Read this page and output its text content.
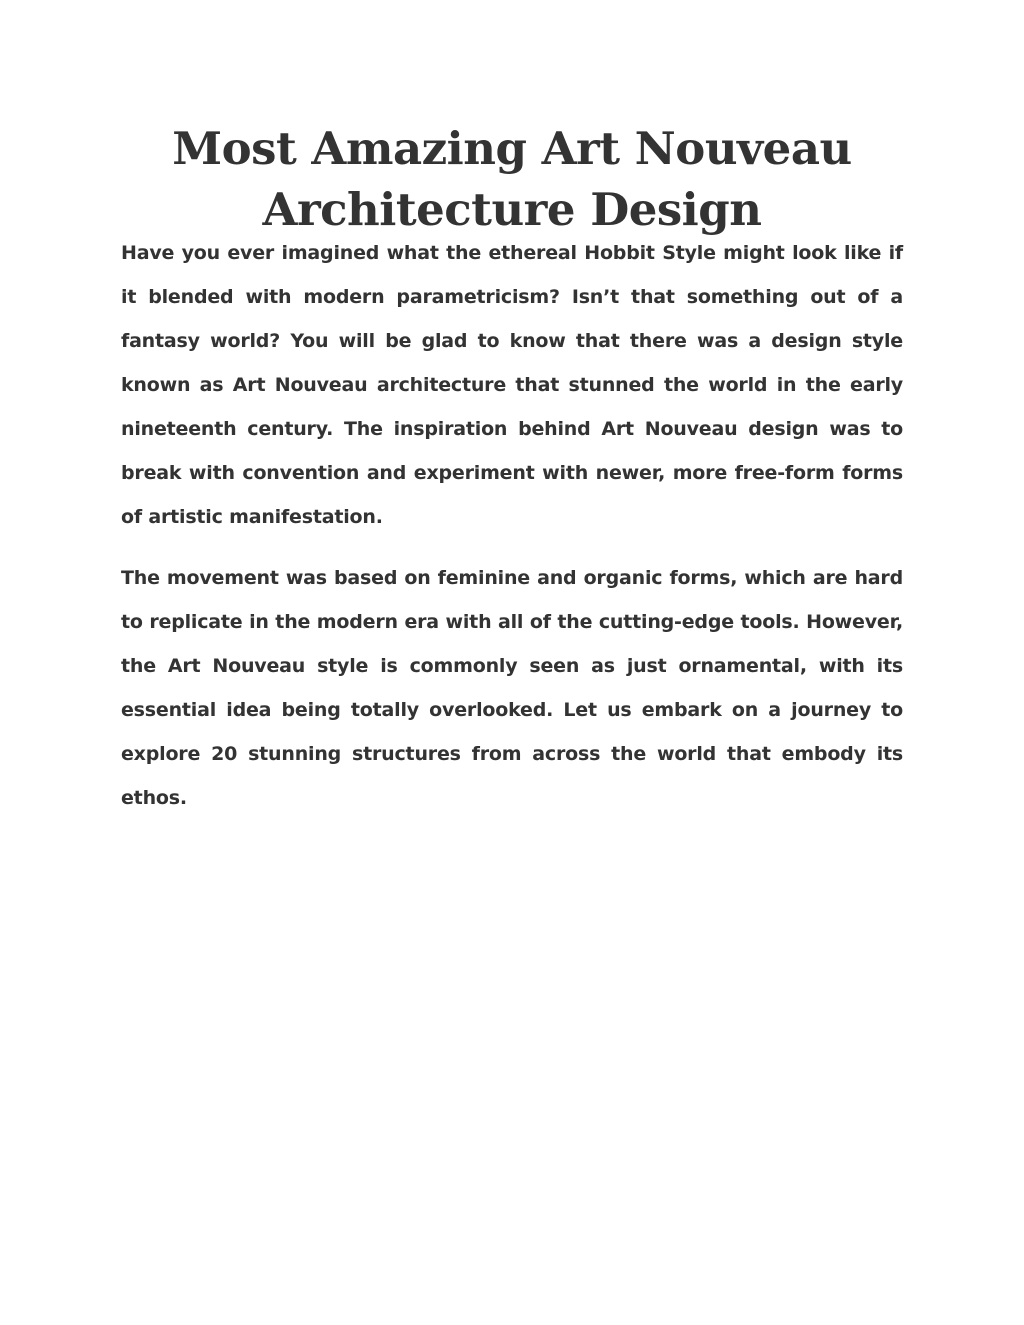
Most Amazing Art Nouveau Architecture Design

Have you ever imagined what the ethereal Hobbit Style might look like if it blended with modern parametricism? Isn’t that something out of a fantasy world? You will be glad to know that there was a design style known as Art Nouveau architecture that stunned the world in the early nineteenth century. The inspiration behind Art Nouveau design was to break with convention and experiment with newer, more free-form forms of artistic manifestation.

The movement was based on feminine and organic forms, which are hard to replicate in the modern era with all of the cutting-edge tools. However, the Art Nouveau style is commonly seen as just ornamental, with its essential idea being totally overlooked. Let us embark on a journey to explore 20 stunning structures from across the world that embody its ethos.
